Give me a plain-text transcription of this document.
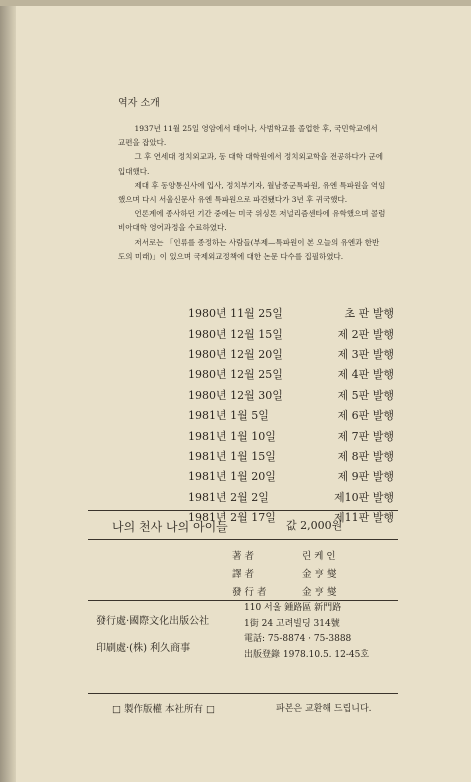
역자 소개

1937년 11월 25일 영암에서 태어나, 사범학교를 졸업한 후, 국민학교에서 교편을 잡았다.

그 후 연세대 정치외교과, 동 대학 대학원에서 정치외교학을 전공하다가 군에 입대했다.

제대 후 동양통신사에 입사, 정치부기자, 월남종군특파원, 유엔 특파원을 역임했으며 다시 서울신문사 유엔 특파원으로 파견됐다가 3년 후 귀국했다.

언론계에 종사하던 기간 중에는 미국 위싱톤 저널리즘센타에 유학했으며 콜럼비아대학 영어과정을 수료하였다.

저서로는 「인류를 종정하는 사람들(부제—특파원이 본 오늘의 유엔과 한반도의 미래)」이 있으며 국제외교정책에 대한 논문 다수를 집필하였다.

1980년 11월 25일	초 판 발행
1980년 12월 15일	제 2판 발행
1980년 12월 20일	제 3판 발행
1980년 12월 25일	제 4판 발행
1980년 12월 30일	제 5판 발행
1981년 1월 5일	제 6판 발행
1981년 1월 10일	제 7판 발행
1981년 1월 15일	제 8판 발행
1981년 1월 20일	제 9판 발행
1981년 2월 2일	제10판 발행
1981년 2월 17일	제11판 발행
나의 천사 나의 아이들	값 2,000원
著者	린 케 인
譯者	金 亨 燮
發行者	金 亨 燮
發行處·國際文化出版公社
印刷處·(株) 利久商事
110 서울 鍾路區 新門路
1街 24 고려빌딩 314號
電話: 75-8874 · 75-3888
出版登錄 1978.10.5. 12-45호
□ 製作版權 本社所有 □	파본은 교환해 드립니다.
